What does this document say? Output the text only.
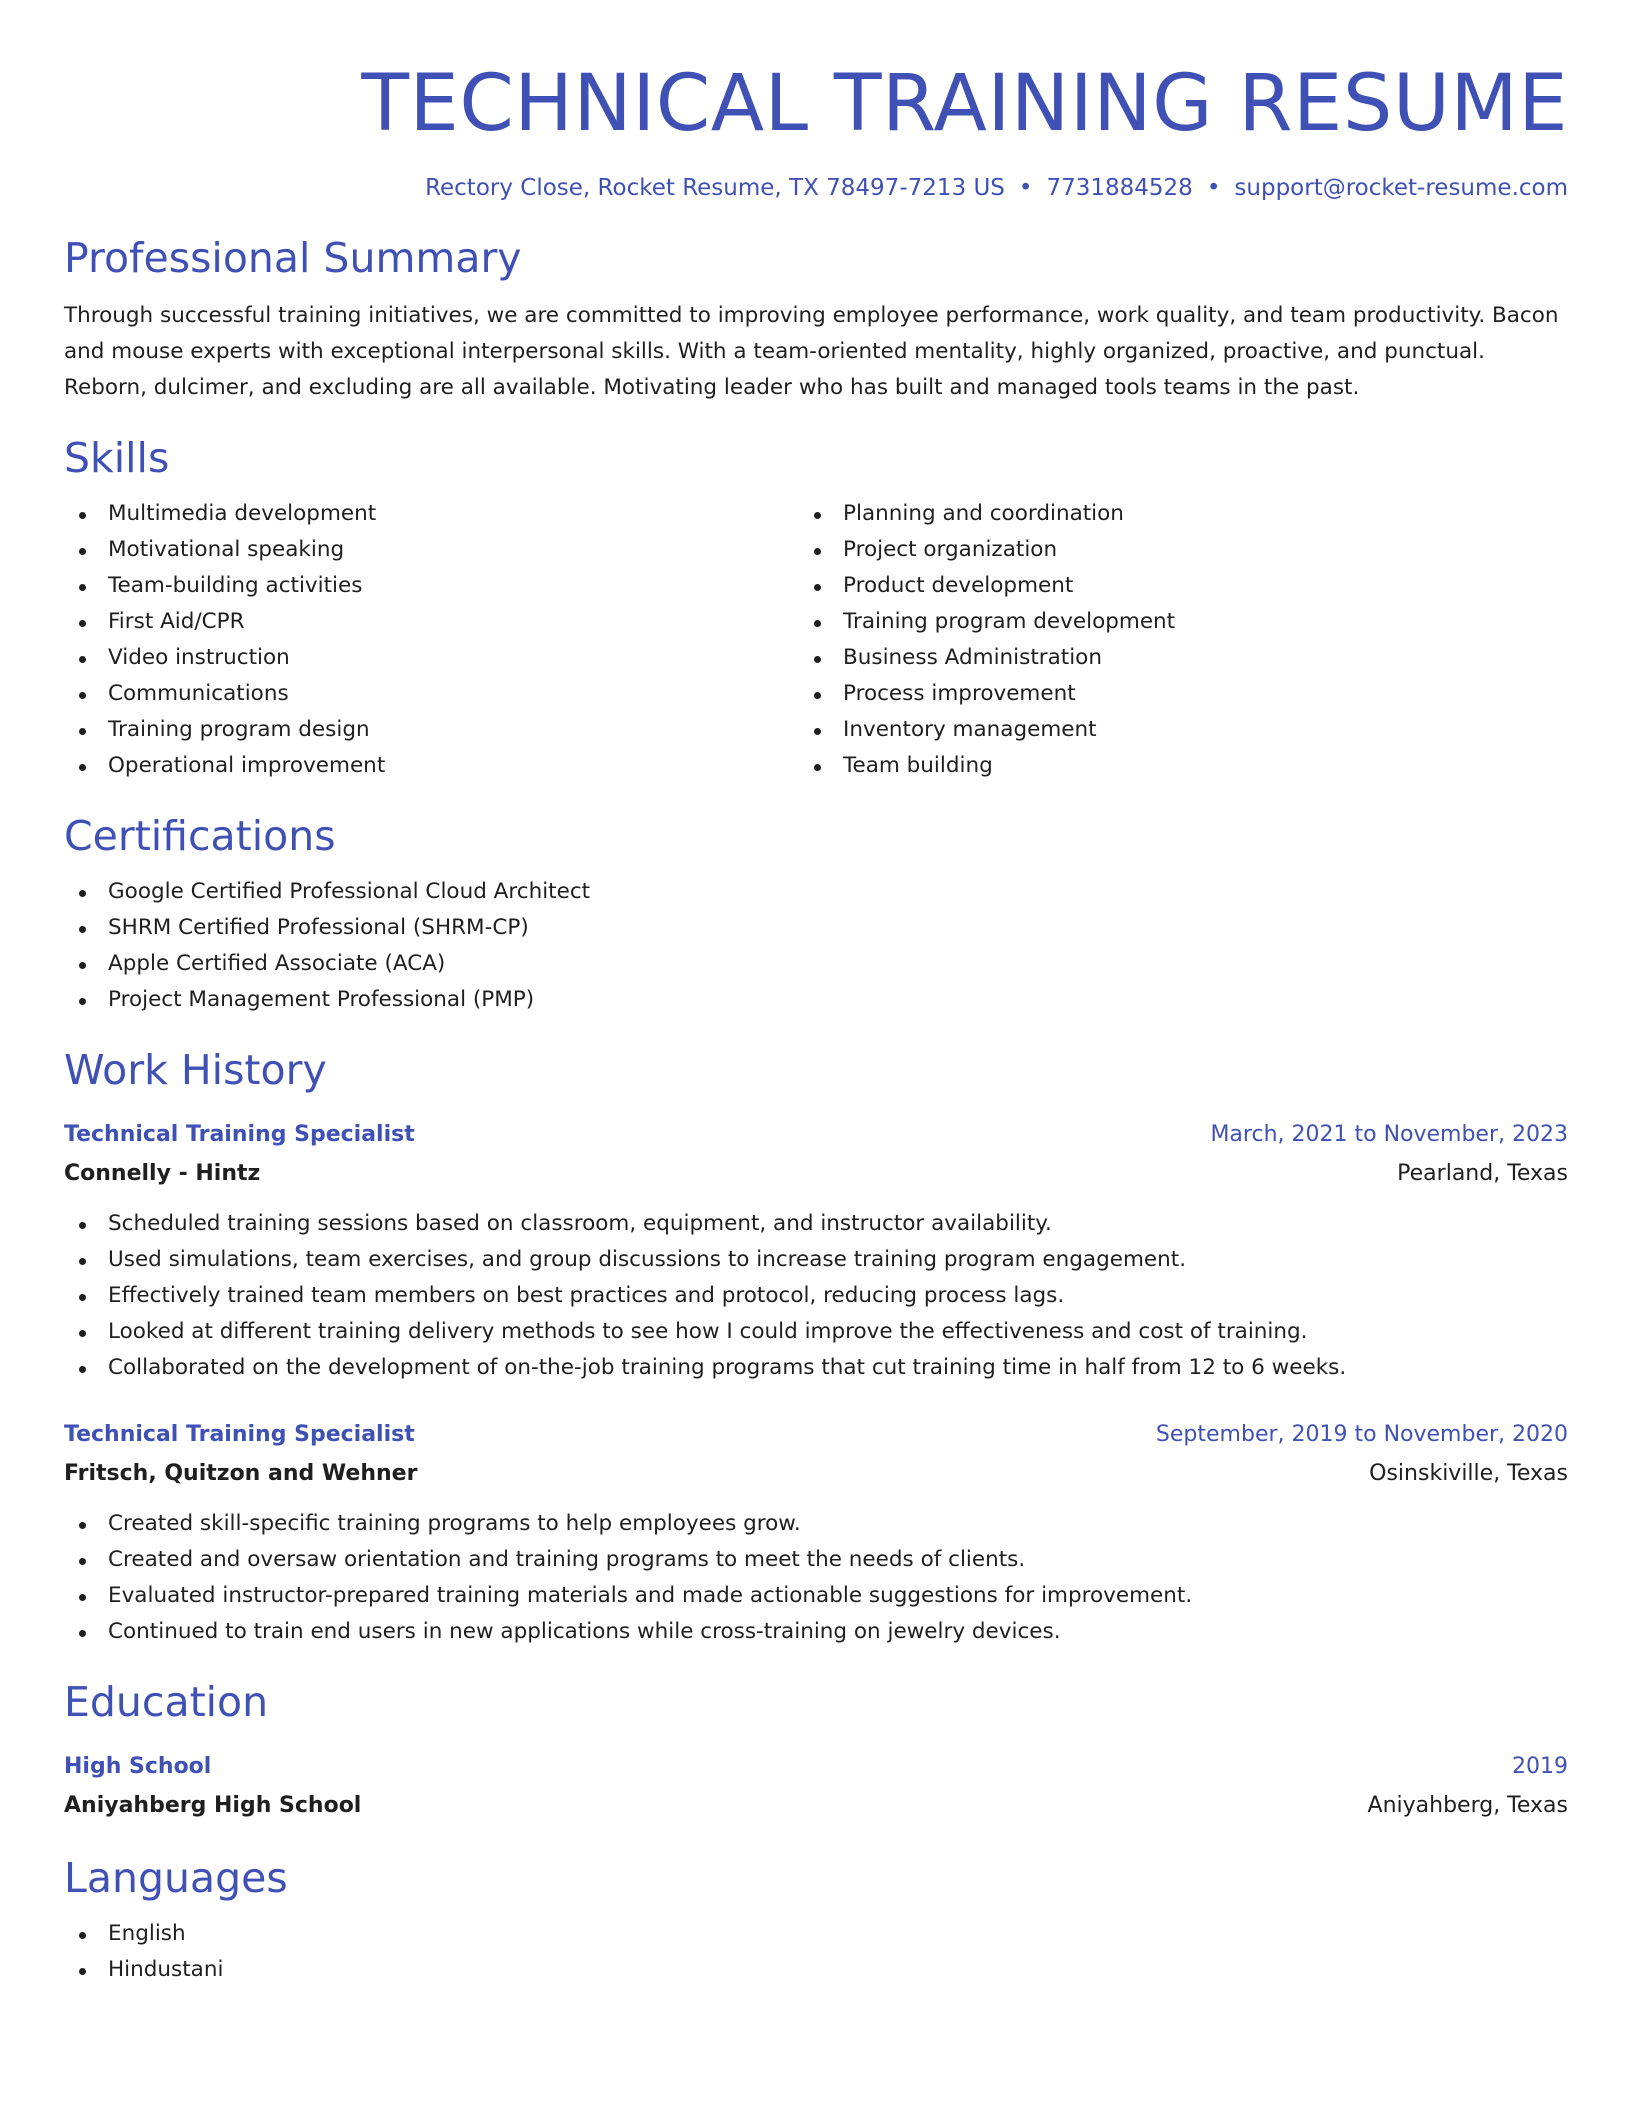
TECHNICAL TRAINING RESUME
Rectory Close, Rocket Resume, TX 78497-7213 US • 7731884528 • support@rocket-resume.com
Professional Summary

Through successful training initiatives, we are committed to improving employee performance, work quality, and team productivity. Bacon and mouse experts with exceptional interpersonal skills. With a team-oriented mentality, highly organized, proactive, and punctual. Reborn, dulcimer, and excluding are all available. Motivating leader who has built and managed tools teams in the past.

Skills
Multimedia development
Motivational speaking
Team-building activities
First Aid/CPR
Video instruction
Communications
Training program design
Operational improvement
Planning and coordination
Project organization
Product development
Training program development
Business Administration
Process improvement
Inventory management
Team building
Certifications
Google Certified Professional Cloud Architect
SHRM Certified Professional (SHRM-CP)
Apple Certified Associate (ACA)
Project Management Professional (PMP)
Work History
Technical Training Specialist	March, 2021 to November, 2023
Connelly - Hintz	Pearland, Texas
Scheduled training sessions based on classroom, equipment, and instructor availability.
Used simulations, team exercises, and group discussions to increase training program engagement.
Effectively trained team members on best practices and protocol, reducing process lags.
Looked at different training delivery methods to see how I could improve the effectiveness and cost of training.
Collaborated on the development of on-the-job training programs that cut training time in half from 12 to 6 weeks.
Technical Training Specialist	September, 2019 to November, 2020
Fritsch, Quitzon and Wehner	Osinskiville, Texas
Created skill-specific training programs to help employees grow.
Created and oversaw orientation and training programs to meet the needs of clients.
Evaluated instructor-prepared training materials and made actionable suggestions for improvement.
Continued to train end users in new applications while cross-training on jewelry devices.
Education
High School	2019
Aniyahberg High School	Aniyahberg, Texas
Languages
English
Hindustani
